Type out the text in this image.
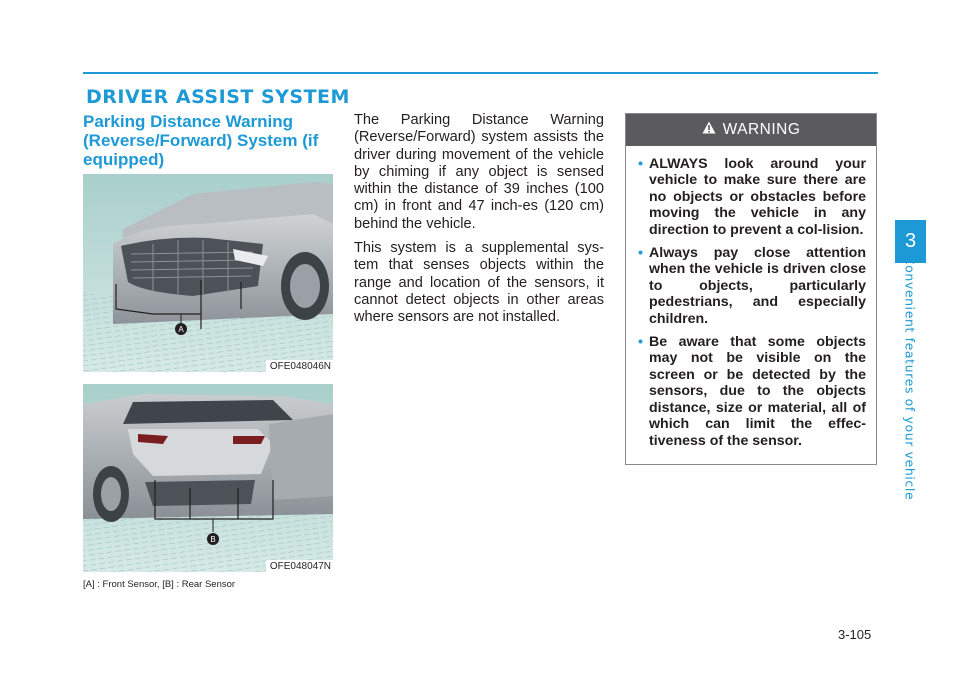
DRIVER ASSIST SYSTEM
Parking Distance Warning (Reverse/Forward) System (if equipped)
A
OFE048046N
B
OFE048047N
[A] : Front Sensor, [B] : Rear Sensor

The Parking Distance Warning (Reverse/Forward) system assists the driver during movement of the vehicle by chiming if any object is sensed within the distance of 39 inches (100 cm) in front and 47 inch-es (120 cm) behind the vehicle.

This system is a supplemental sys-tem that senses objects within the range and location of the sensors, it cannot detect objects in other areas where sensors are not installed.

WARNING
• ALWAYS look around your vehicle to make sure there are no objects or obstacles before moving the vehicle in any direction to prevent a col-lision.
• Always pay close attention when the vehicle is driven close to objects, particularly pedestrians, and especially children.
• Be aware that some objects may not be visible on the screen or be detected by the sensors, due to the objects distance, size or material, all of which can limit the effec-tiveness of the sensor.
3
Convenient features of your vehicle
3-105
